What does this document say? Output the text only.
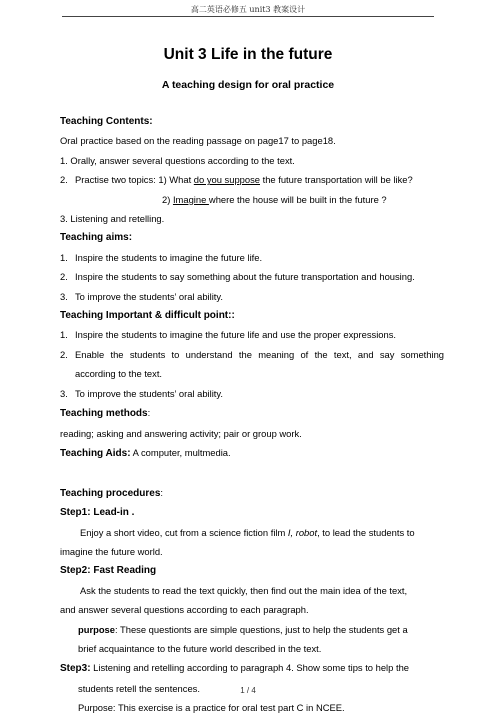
高二英语必修五 unit3 教案设计
Unit 3 Life in the future
A teaching design for oral practice
Teaching Contents:
Oral practice based on the reading passage on page17 to page18.
1. Orally, answer several questions according to the text.
2. Practise two topics: 1) What do you suppose the future transportation will be like?
2) Imagine where the house will be built in the future ?
3. Listening and retelling.
Teaching aims:
1. Inspire the students to imagine the future life.
2. Inspire the students to say something about the future transportation and housing.
3. To improve the students’ oral ability.
Teaching Important & difficult point::
1. Inspire the students to imagine the future life and use the proper expressions.
2. Enable the students to understand the meaning of the text, and say something
according to the text.
3. To improve the students’ oral ability.
Teaching methods:
reading; asking and answering activity; pair or group work.
Teaching Aids: A computer, multmedia.

Teaching procedures:
Step1: Lead-in .
Enjoy a short video, cut from a science fiction film I, robot, to lead the students to
imagine the future world.
Step2: Fast Reading
Ask the students to read the text quickly, then find out the main idea of the text,
and answer several questions according to each paragraph.
purpose: These questionts are simple questions, just to help the students get a
brief acquaintance to the future world described in the text.
Step3: Listening and retelling according to paragraph 4. Show some tips to help the
students retell the sentences.
Purpose: This exercise is a practice for oral test part C in NCEE.
1 / 4
